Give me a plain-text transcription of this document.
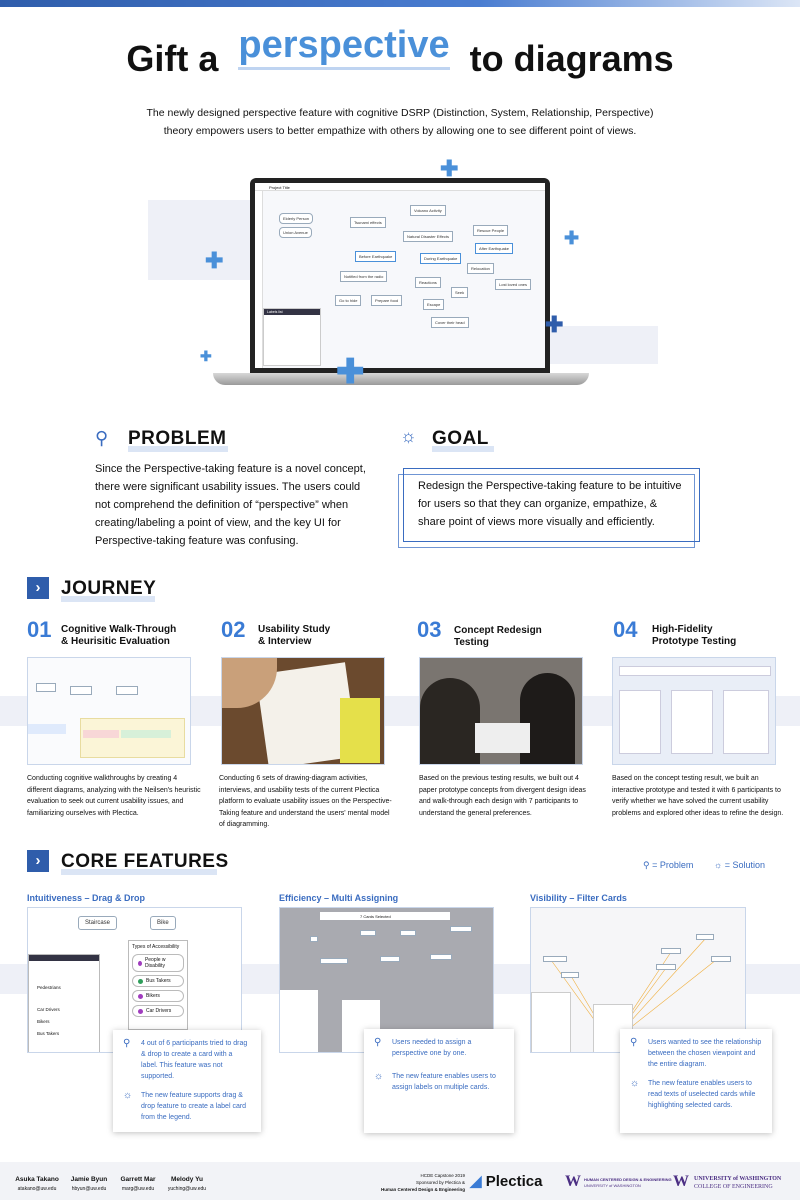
Gift a perspective to diagrams
The newly designed perspective feature with cognitive DSRP (Distinction, System, Relationship, Perspective)
theory empowers users to better empathize with others by allowing one to see different point of views.
Project Title
Volcano Activity
Tsunami effects
Natural Disaster Effects
Rescue People
After Earthquake
Before Earthquake	During Earthquake
Relocation
Notified from the radio
Reactions	Lost loved ones
Go to hide	Prepare food
Seek
Escape
Cover their head
Elderly Person
Union Avenue
Labels list
✚
✚
✚
✚	✚
✚
⚲ PROBLEM
Since the Perspective-taking feature is a novel concept, there were significant usability issues. The users could not comprehend the definition of “perspective” when creating/labeling a point of view, and the key UI for Perspective-taking feature was confusing.
☼ GOAL
Redesign the Perspective-taking feature to be intuitive for users so that they can organize, empathize, & share point of views more visually and efficiently.
›	JOURNEY
01 Cognitive Walk-Through
& Heurisitic Evaluation
Conducting cognitive walkthroughs by creating 4 different diagrams, analyzing with the Neilsen's heuristic evaluation to seek out current usability issues, and familiarizing ourselves with Plectica.
02 Usability Study
& Interview
Conducting 6 sets of drawing-diagram activities, interviews, and usability tests of the current Plectica platform to evaluate usability issues on the Perspective-Taking feature and understand the users' mental model of diagramming.
03 Concept Redesign
Testing
Based on the previous testing results, we built out 4 paper prototype concepts from divergent design ideas and walk-through each design with 7 participants to understand the general preferences.
04 High-Fidelity
Prototype Testing
Based on the concept testing result, we built an interactive prototype and tested it with 6 participants to verify whether we have solved the current usability problems and explored other ideas to refine the design.
›	CORE FEATURES	⚲ = Problem ☼ = Solution
Intuitiveness – Drag & Drop
Staircase	Bike
Types of Accessibility
People w Disability
Bus Takers
Bikers
Car Drivers
Pedestrians
Car Drivers
Bikers
Bus Takers
⚲	4 out of 6 participants tried to drag & drop to create a card with a label. This feature was not supported.
☼	The new feature supports drag & drop feature to create a label card from the legend.
Efficiency – Multi Assigning
7 Cards Selected
⚲	Users needed to assign a perspective one by one.
☼	The new feature enables users to assign labels on multiple cards.
Visibility – Filter Cards
⚲	Users wanted to see the relationship between the chosen viewpoint and the entire diagram.
☼	The new feature enables users to read texts of uselected cards while highlighting selected cards.
Asuka Takano
atakano@uw.edu
Jamie Byun
hbyun@uw.edu
Garrett Mar
marg@uw.edu
Melody Yu
yuching@uw.edu
HCDE Capstone 2019
Sponsored by Plectica &
Human Centered Design & Engineering ◢ Plectica W HUMAN CENTERED DESIGN & ENGINEERING
UNIVERSITY of WASHINGTON	W UNIVERSITY of WASHINGTON
COLLEGE OF ENGINEERING
